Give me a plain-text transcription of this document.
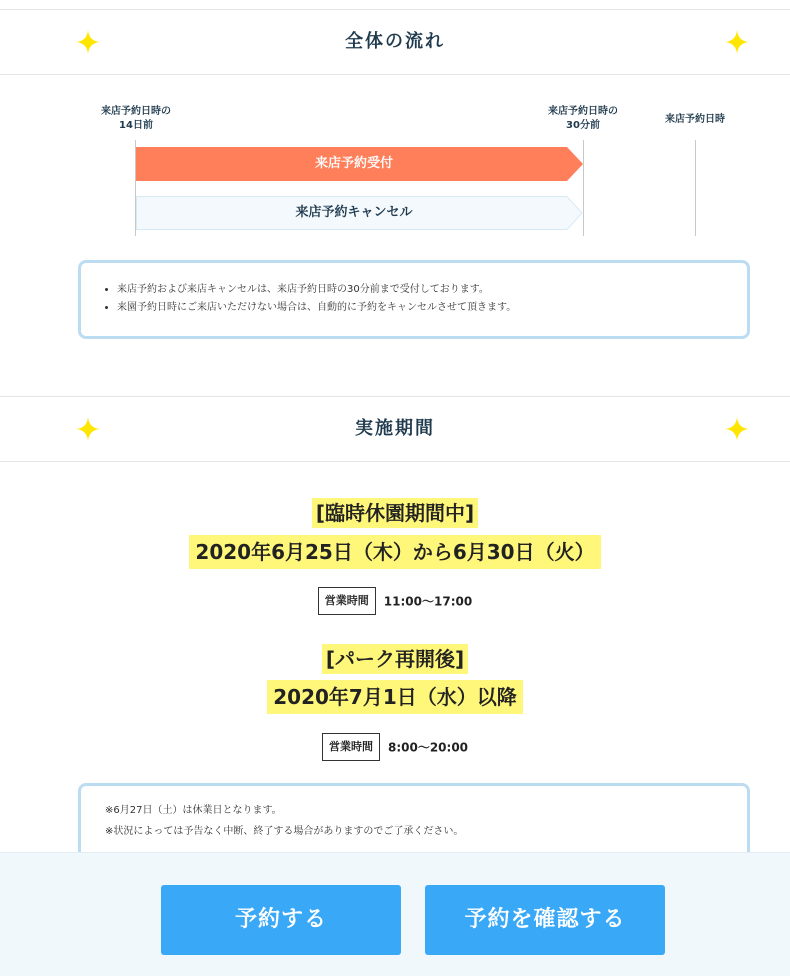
全体の流れ
来店予約日時の
14日前
来店予約日時の
30分前
来店予約日時
来店予約受付
来店予約キャンセル
• 来店予約および来店キャンセルは、来店予約日時の30分前まで受付しております。
• 来園予約日時にご来店いただけない場合は、自動的に予約をキャンセルさせて頂きます。
実施期間
[臨時休園期間中]
2020年6月25日（木）から6月30日（火）
営業時間 11:00〜17:00
[パーク再開後]
2020年7月1日（水）以降
営業時間 8:00〜20:00
※6月27日（土）は休業日となります。
※状況によっては予告なく中断、終了する場合がありますのでご了承ください。
予約する	予約を確認する
